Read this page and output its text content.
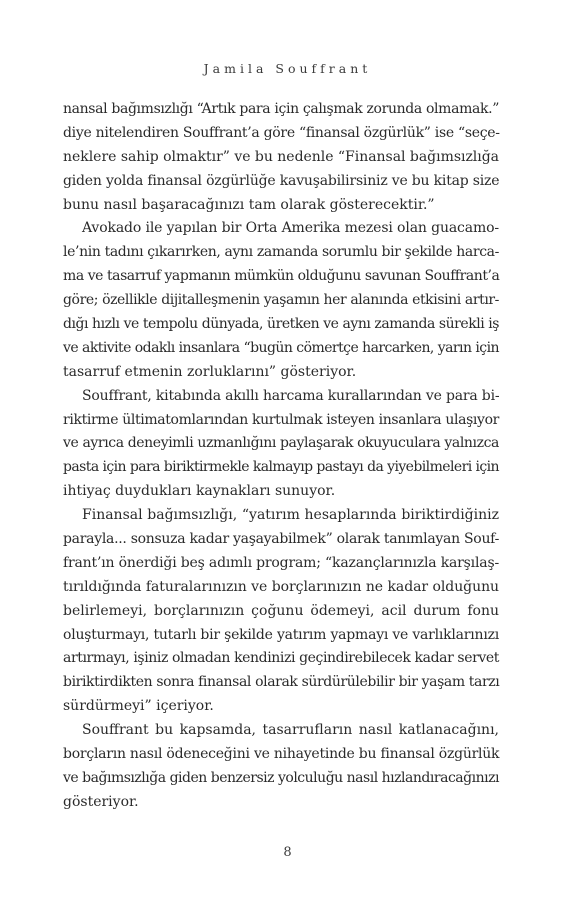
Jamila Souffrant
nansal bağımsızlığı “Artık para için çalışmak zorunda olmamak.”
diye nitelendiren Souffrant’a göre “finansal özgürlük” ise “seçe-
neklere sahip olmaktır” ve bu nedenle “Finansal bağımsızlığa
giden yolda finansal özgürlüğe kavuşabilirsiniz ve bu kitap size
bunu nasıl başaracağınızı tam olarak gösterecektir.”
Avokado ile yapılan bir Orta Amerika mezesi olan guacamo-
le’nin tadını çıkarırken, aynı zamanda sorumlu bir şekilde harca-
ma ve tasarruf yapmanın mümkün olduğunu savunan Souffrant’a
göre; özellikle dijitalleşmenin yaşamın her alanında etkisini artır-
dığı hızlı ve tempolu dünyada, üretken ve aynı zamanda sürekli iş
ve aktivite odaklı insanlara “bugün cömertçe harcarken, yarın için
tasarruf etmenin zorluklarını” gösteriyor.
Souffrant, kitabında akıllı harcama kurallarından ve para bi-
riktirme ültimatomlarından kurtulmak isteyen insanlara ulaşıyor
ve ayrıca deneyimli uzmanlığını paylaşarak okuyuculara yalnızca
pasta için para biriktirmekle kalmayıp pastayı da yiyebilmeleri için
ihtiyaç duydukları kaynakları sunuyor.
Finansal bağımsızlığı, “yatırım hesaplarında biriktirdiğiniz
parayla... sonsuza kadar yaşayabilmek” olarak tanımlayan Souf-
frant’ın önerdiği beş adımlı program; “kazançlarınızla karşılaş-
tırıldığında faturalarınızın ve borçlarınızın ne kadar olduğunu
belirlemeyi, borçlarınızın çoğunu ödemeyi, acil durum fonu
oluşturmayı, tutarlı bir şekilde yatırım yapmayı ve varlıklarınızı
artırmayı, işiniz olmadan kendinizi geçindirebilecek kadar servet
biriktirdikten sonra finansal olarak sürdürülebilir bir yaşam tarzı
sürdürmeyi” içeriyor.
Souffrant bu kapsamda, tasarrufların nasıl katlanacağını,
borçların nasıl ödeneceğini ve nihayetinde bu finansal özgürlük
ve bağımsızlığa giden benzersiz yolculuğu nasıl hızlandıracağınızı
gösteriyor.
8
